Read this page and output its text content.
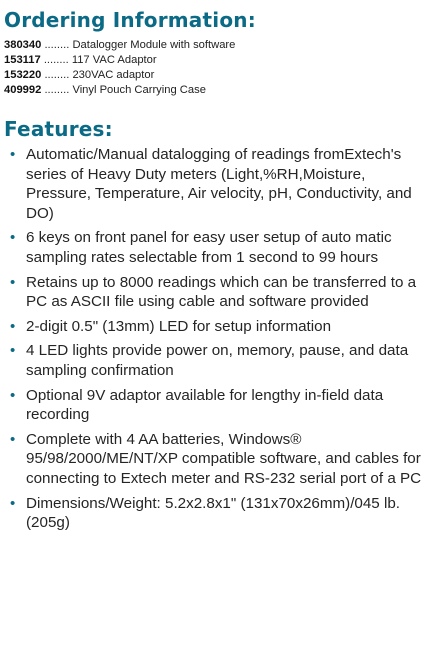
Ordering Information:
380340 ........ Datalogger Module with software
153117 ........ 117 VAC Adaptor
153220 ........ 230VAC adaptor
409992 ........ Vinyl Pouch Carrying Case
Features:
• Automatic/Manual datalogging of readings fromExtech's series of Heavy Duty meters (Light,%RH,Moisture, Pressure, Temperature, Air velocity, pH, Conductivity, and DO)
• 6 keys on front panel for easy user setup of auto matic sampling rates selectable from 1 second to 99 hours
• Retains up to 8000 readings which can be transferred to a PC as ASCII file using cable and software provided
• 2-digit 0.5" (13mm) LED for setup information
• 4 LED lights provide power on, memory, pause, and data sampling confirmation
• Optional 9V adaptor available for lengthy in-field data recording
• Complete with 4 AA batteries, Windows® 95/98/2000/ME/NT/XP compatible software, and cables for connecting to Extech meter and RS-232 serial port of a PC
• Dimensions/Weight: 5.2x2.8x1" (131x70x26mm)/045 lb.(205g)
